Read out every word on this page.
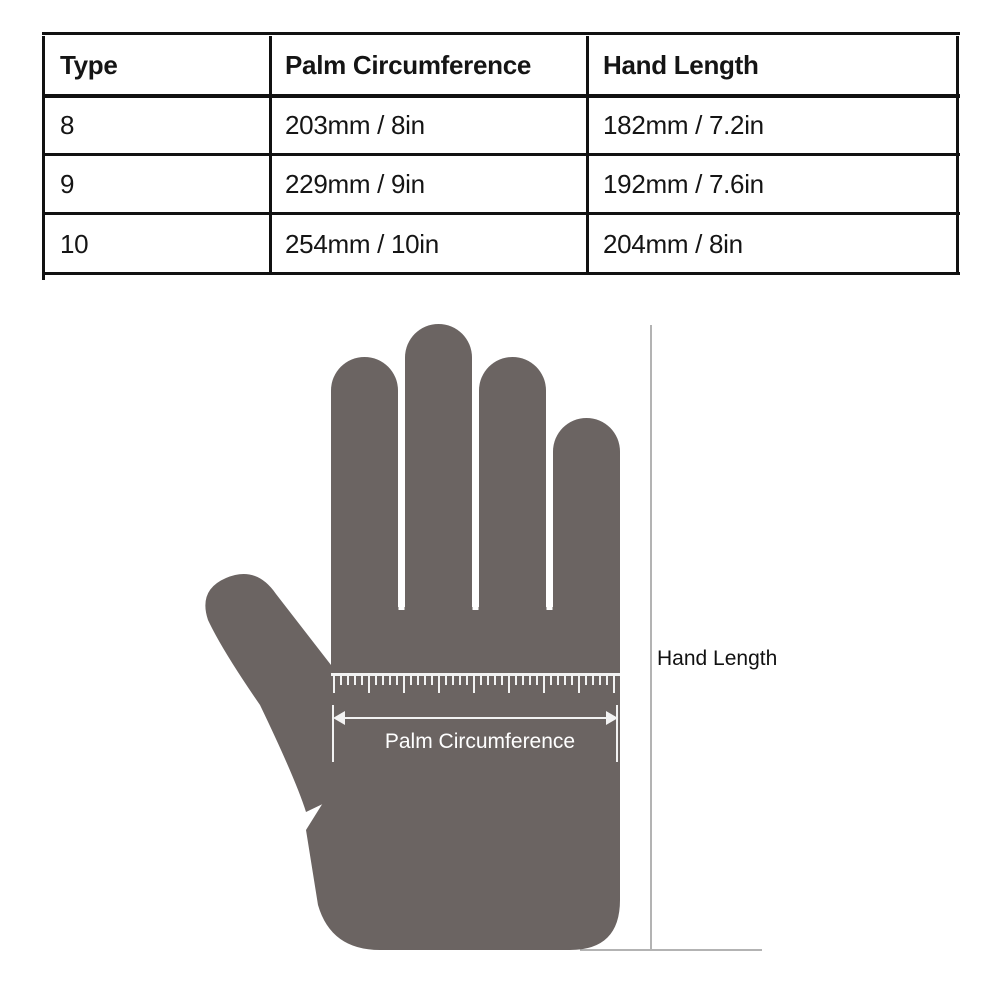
Type	Palm Circumference	Hand Length
8	203mm / 8in	182mm / 7.2in
9	229mm / 9in	192mm / 7.6in
10	254mm / 10in	204mm / 8in
Palm Circumference
Hand Length
